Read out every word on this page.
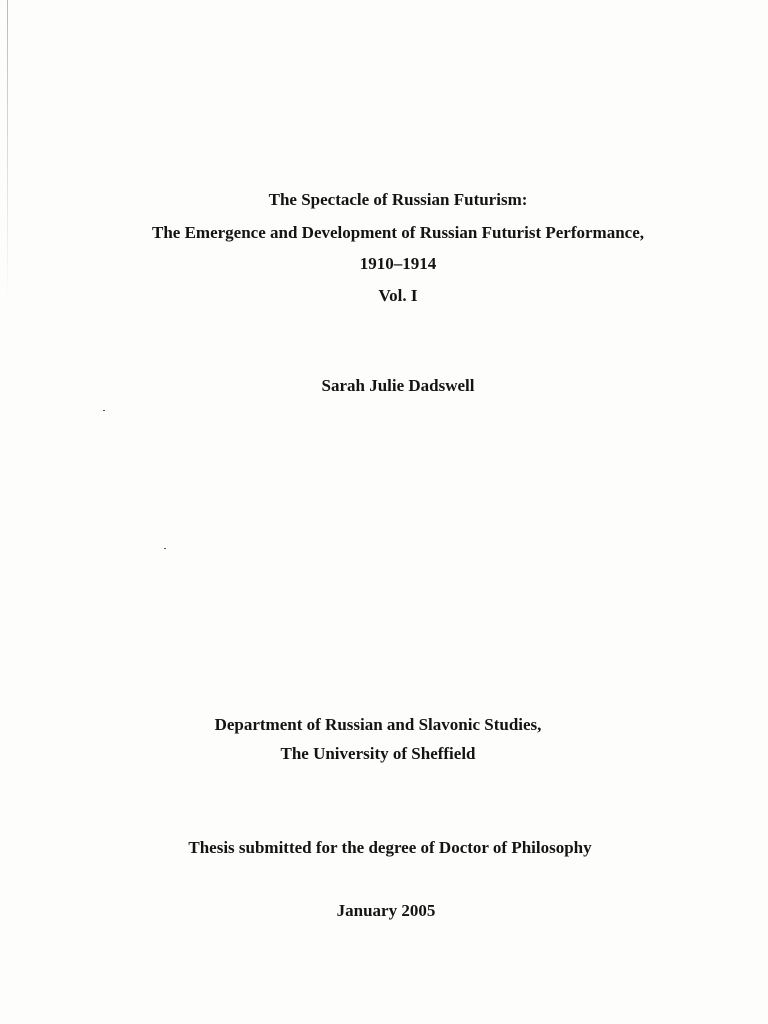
The Spectacle of Russian Futurism:
The Emergence and Development of Russian Futurist Performance,
1910–1914
Vol. I
Sarah Julie Dadswell
Department of Russian and Slavonic Studies,
The University of Sheffield
Thesis submitted for the degree of Doctor of Philosophy
January 2005
